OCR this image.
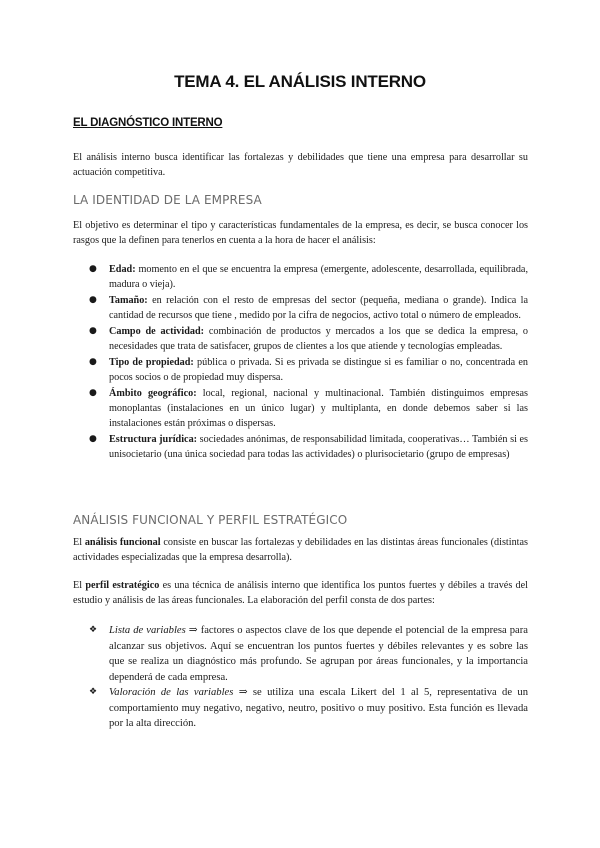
TEMA 4. EL ANÁLISIS INTERNO
EL DIAGNÓSTICO INTERNO

El análisis interno busca identificar las fortalezas y debilidades que tiene una empresa para desarrollar su actuación competitiva.

LA IDENTIDAD DE LA EMPRESA

El objetivo es determinar el tipo y características fundamentales de la empresa, es decir, se busca conocer los rasgos que la definen para tenerlos en cuenta a la hora de hacer el análisis:

● Edad: momento en el que se encuentra la empresa (emergente, adolescente, desarrollada, equilibrada, madura o vieja).
● Tamaño: en relación con el resto de empresas del sector (pequeña, mediana o grande). Indica la cantidad de recursos que tiene , medido por la cifra de negocios, activo total o número de empleados.
● Campo de actividad: combinación de productos y mercados a los que se dedica la empresa, o necesidades que trata de satisfacer, grupos de clientes a los que atiende y tecnologías empleadas.
● Tipo de propiedad: pública o privada. Si es privada se distingue si es familiar o no, concentrada en pocos socios o de propiedad muy dispersa.
● Ámbito geográfico: local, regional, nacional y multinacional. También distinguimos empresas monoplantas (instalaciones en un único lugar) y multiplanta, en donde debemos saber si las instalaciones están próximas o dispersas.
● Estructura jurídica: sociedades anónimas, de responsabilidad limitada, cooperativas… También si es unisocietario (una única sociedad para todas las actividades) o plurisocietario (grupo de empresas)
ANÁLISIS FUNCIONAL Y PERFIL ESTRATÉGICO

El análisis funcional consiste en buscar las fortalezas y debilidades en las distintas áreas funcionales (distintas actividades especializadas que la empresa desarrolla).

El perfil estratégico es una técnica de análisis interno que identifica los puntos fuertes y débiles a través del estudio y análisis de las áreas funcionales. La elaboración del perfil consta de dos partes:

❖ Lista de variables ⇒ factores o aspectos clave de los que depende el potencial de la empresa para alcanzar sus objetivos. Aquí se encuentran los puntos fuertes y débiles relevantes y es sobre las que se realiza un diagnóstico más profundo. Se agrupan por áreas funcionales, y la importancia dependerá de cada empresa.
❖ Valoración de las variables ⇒ se utiliza una escala Likert del 1 al 5, representativa de un comportamiento muy negativo, negativo, neutro, positivo o muy positivo. Esta función es llevada por la alta dirección.
